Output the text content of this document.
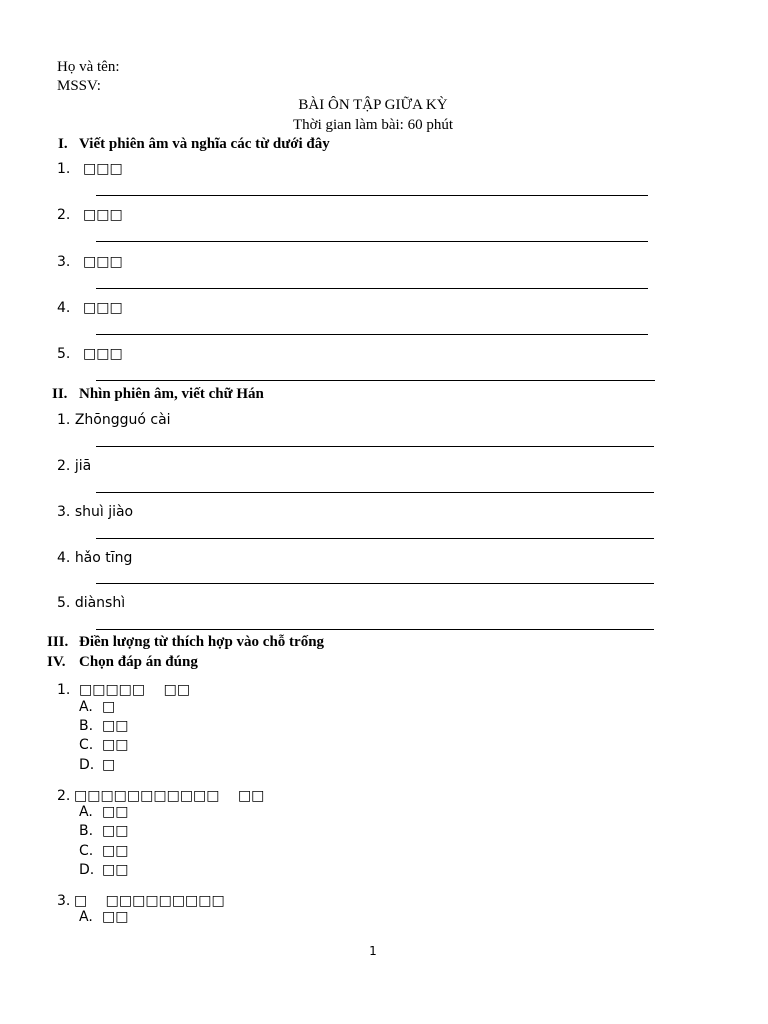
Họ và tên:
MSSV:
BÀI ÔN TẬP GIỮA KỲ
Thời gian làm bài: 60 phút
I. Viết phiên âm và nghĩa các từ dưới đây
1. □□□
2. □□□
3. □□□
4. □□□
5. □□□
II. Nhìn phiên âm, viết chữ Hán
1. Zhōngguó cài
2. jiā
3. shuì jiào
4. hǎo tīng
5. diànshì
III. Điền lượng từ thích hợp vào chỗ trống
IV. Chọn đáp án đúng
1. □□□□□　 □□
A. □
B. □□
C. □□
D. □
2. □□□□□□□□□□□　 □□
A. □□
B. □□
C. □□
D. □□
3. □　 □□□□□□□□□
A. □□
1
